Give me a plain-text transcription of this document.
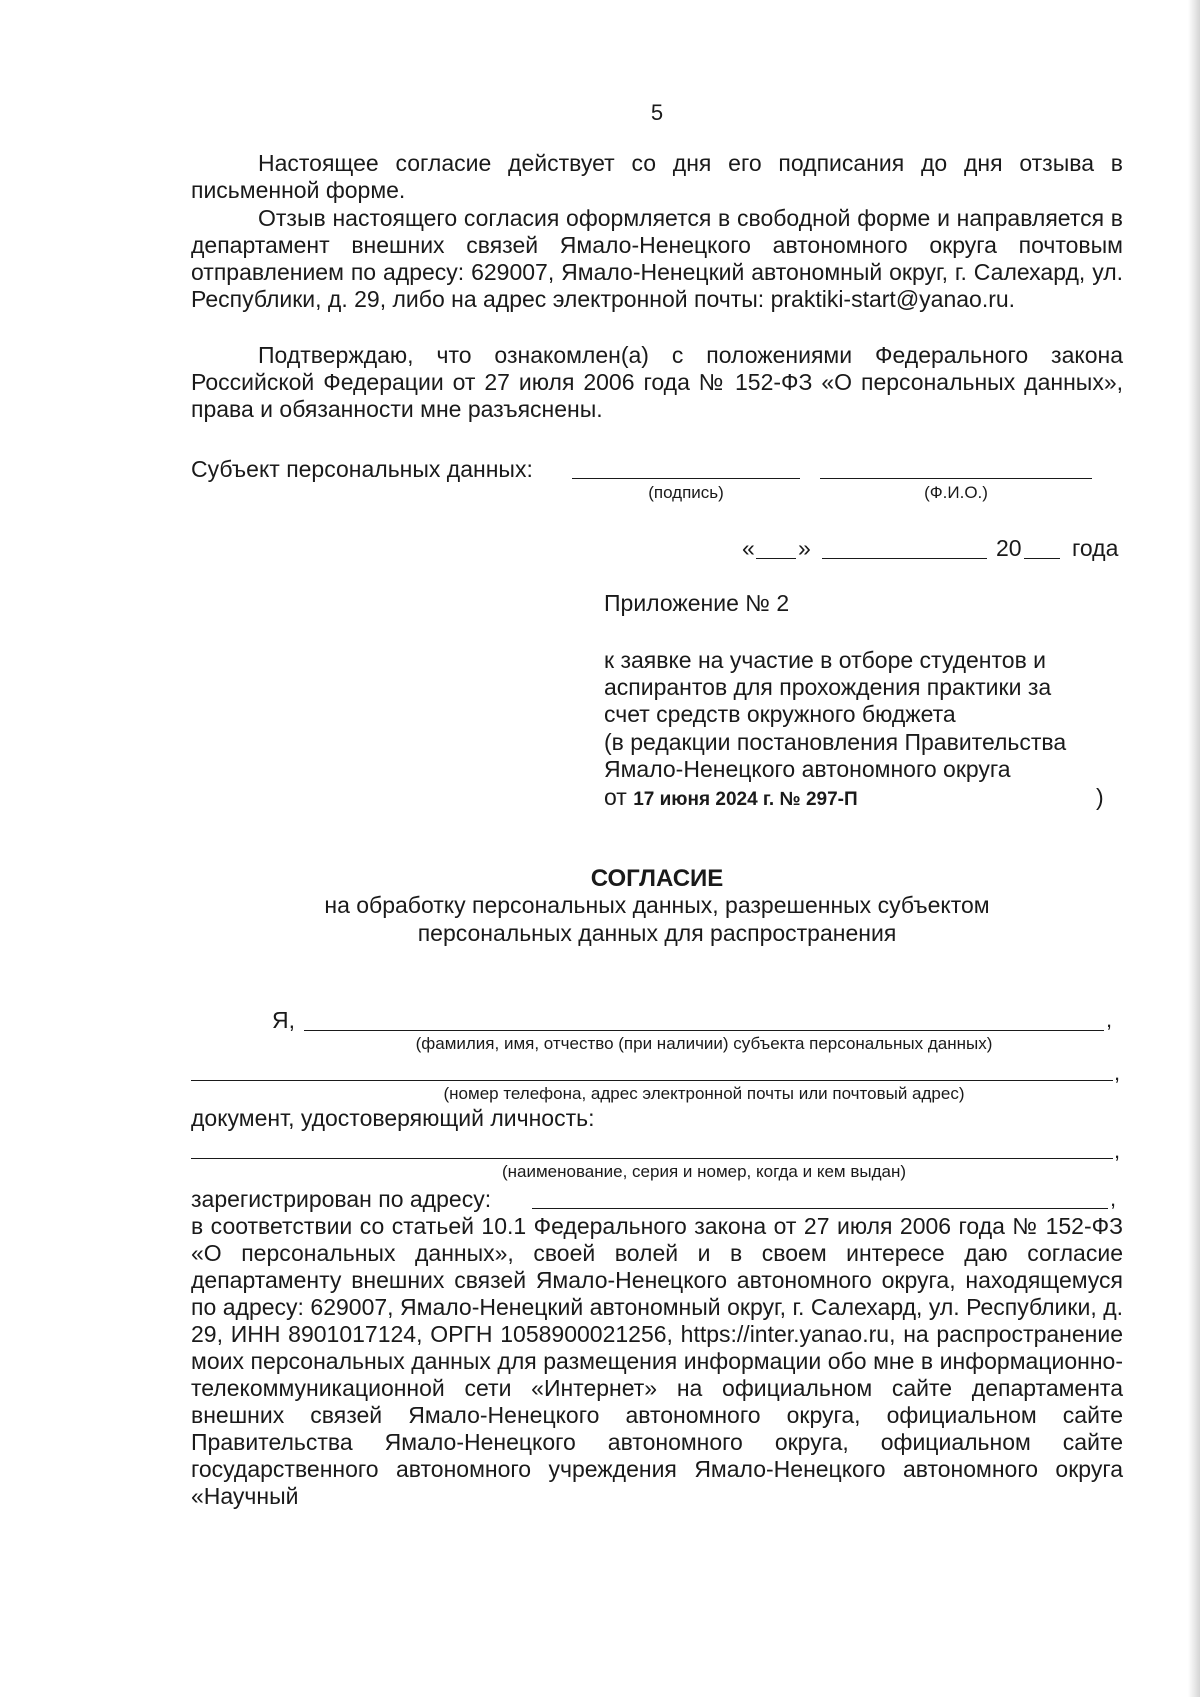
5

Настоящее согласие действует со дня его подписания до дня отзыва в письменной форме.

Отзыв настоящего согласия оформляется в свободной форме и направляется в департамент внешних связей Ямало-Ненецкого автономного округа почтовым отправлением по адресу: 629007, Ямало-Ненецкий автономный округ, г. Салехард, ул. Республики, д. 29, либо на адрес электронной почты: praktiki-start@yanao.ru.

Подтверждаю, что ознакомлен(а) с положениями Федерального закона Российской Федерации от 27 июля 2006 года № 152-ФЗ «О персональных данных», права и обязанности мне разъяснены.

Субъект персональных данных:
(подпись)	(Ф.И.О.)
« »	20 года
Приложение № 2
к заявке на участие в отборе студентов и
аспирантов для прохождения практики за
счет средств окружного бюджета
(в редакции постановления Правительства
Ямало-Ненецкого автономного округа
от 17 июня 2024 г. № 297-П	)
СОГЛАСИЕ
на обработку персональных данных, разрешенных субъектом
персональных данных для распространения
Я,	,
(фамилия, имя, отчество (при наличии) субъекта персональных данных)
,
(номер телефона, адрес электронной почты или почтовый адрес)
документ, удостоверяющий личность:
,
(наименование, серия и номер, когда и кем выдан)
зарегистрирован по адресу:	,

в соответствии со статьей 10.1 Федерального закона от 27 июля 2006 года № 152-ФЗ «О персональных данных», своей волей и в своем интересе даю согласие департаменту внешних связей Ямало-Ненецкого автономного округа, находящемуся по адресу: 629007, Ямало-Ненецкий автономный округ, г. Салехард, ул. Республики, д. 29, ИНН 8901017124, ОРГН 1058900021256, https://inter.yanao.ru, на распространение моих персональных данных для размещения информации обо мне в информационно-телекоммуникационной сети «Интернет» на официальном сайте департамента внешних связей Ямало-Ненецкого автономного округа, официальном сайте Правительства Ямало-Ненецкого автономного округа, официальном сайте государственного автономного учреждения Ямало-Ненецкого автономного округа «Научный
